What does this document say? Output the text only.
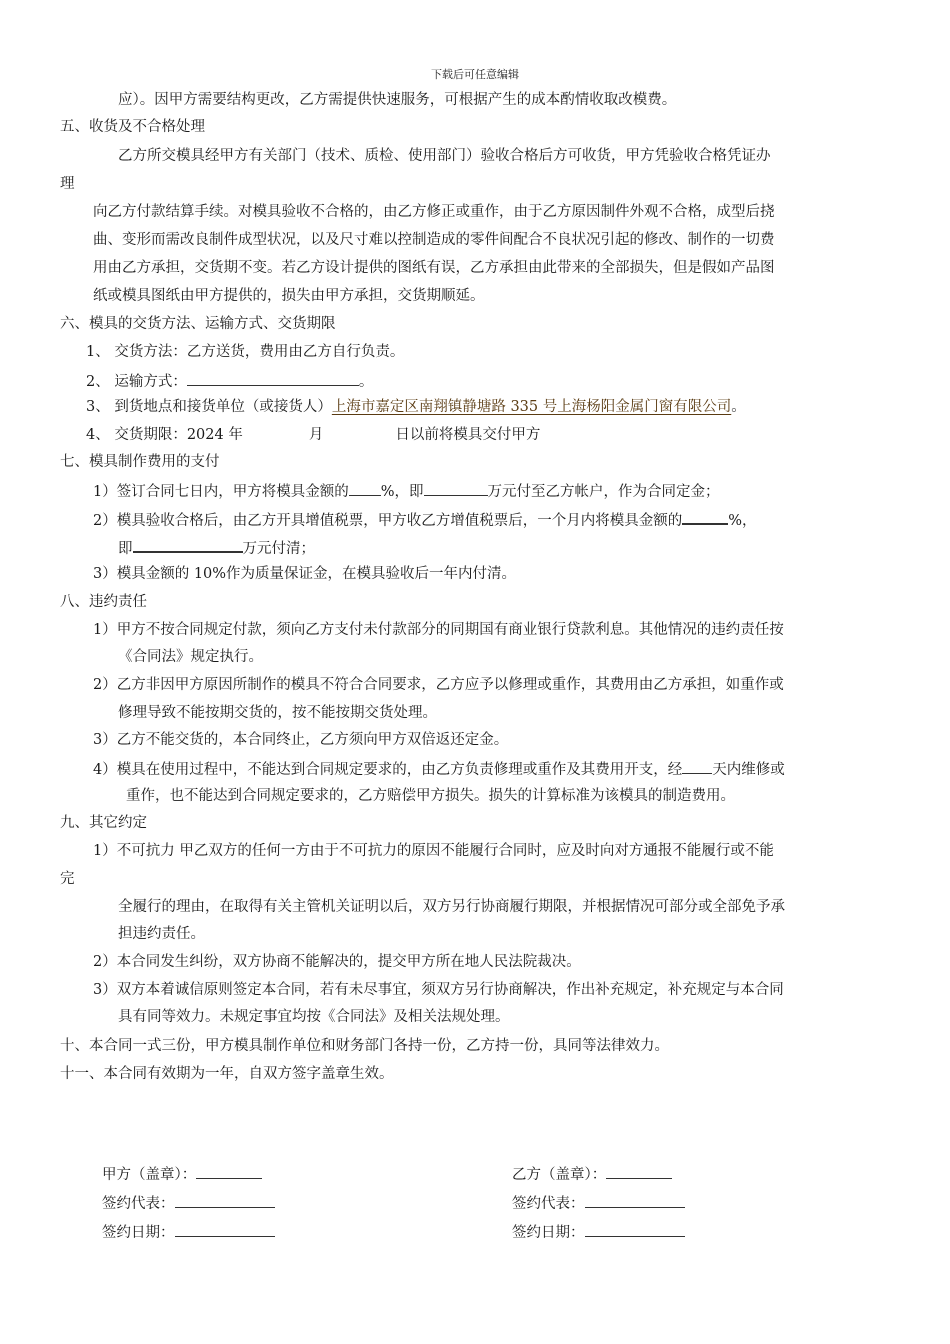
下载后可任意编辑
应）。因甲方需要结构更改，乙方需提供快速服务，可根据产生的成本酌情收取改模费。
五、收货及不合格处理
乙方所交模具经甲方有关部门（技术、质检、使用部门）验收合格后方可收货，甲方凭验收合格凭证办
理
向乙方付款结算手续。对模具验收不合格的，由乙方修正或重作，由于乙方原因制件外观不合格，成型后挠
曲、变形而需改良制件成型状况，以及尺寸难以控制造成的零件间配合不良状况引起的修改、制作的一切费
用由乙方承担，交货期不变。若乙方设计提供的图纸有误，乙方承担由此带来的全部损失，但是假如产品图
纸或模具图纸由甲方提供的，损失由甲方承担，交货期顺延。
六、模具的交货方法、运输方式、交货期限
1、 交货方法：乙方送货，费用由乙方自行负责。
2、 运输方式：	。
3、 到货地点和接货单位（或接货人）上海市嘉定区南翔镇静塘路 335 号上海杨阳金属门窗有限公司。
4、 交货期限：2024 年	月	日以前将模具交付甲方
七、模具制作费用的支付
1）签订合同七日内，甲方将模具金额的 %，即	万元付至乙方帐户，作为合同定金；
2）模具验收合格后，由乙方开具增值税票，甲方收乙方增值税票后，一个月内将模具金额的	%，
即	万元付清；
3）模具金额的 10%作为质量保证金，在模具验收后一年内付清。
八、违约责任
1）甲方不按合同规定付款，须向乙方支付未付款部分的同期国有商业银行贷款利息。其他情况的违约责任按
《合同法》规定执行。
2）乙方非因甲方原因所制作的模具不符合合同要求，乙方应予以修理或重作，其费用由乙方承担，如重作或
修理导致不能按期交货的，按不能按期交货处理。
3）乙方不能交货的，本合同终止，乙方须向甲方双倍返还定金。
4）模具在使用过程中，不能达到合同规定要求的，由乙方负责修理或重作及其费用开支，经 天内维修或
重作，也不能达到合同规定要求的，乙方赔偿甲方损失。损失的计算标准为该模具的制造费用。
九、其它约定
1）不可抗力 甲乙双方的任何一方由于不可抗力的原因不能履行合同时，应及时向对方通报不能履行或不能
完
全履行的理由，在取得有关主管机关证明以后，双方另行协商履行期限，并根据情况可部分或全部免予承
担违约责任。
2）本合同发生纠纷，双方协商不能解决的，提交甲方所在地人民法院裁决。
3）双方本着诚信原则签定本合同，若有未尽事宜，须双方另行协商解决，作出补充规定，补充规定与本合同
具有同等效力。未规定事宜均按《合同法》及相关法规处理。
十、本合同一式三份，甲方模具制作单位和财务部门各持一份，乙方持一份，具同等法律效力。
十一、本合同有效期为一年，自双方签字盖章生效。
甲方（盖章）：
签约代表：
签约日期：
乙方（盖章）：
签约代表：
签约日期：
